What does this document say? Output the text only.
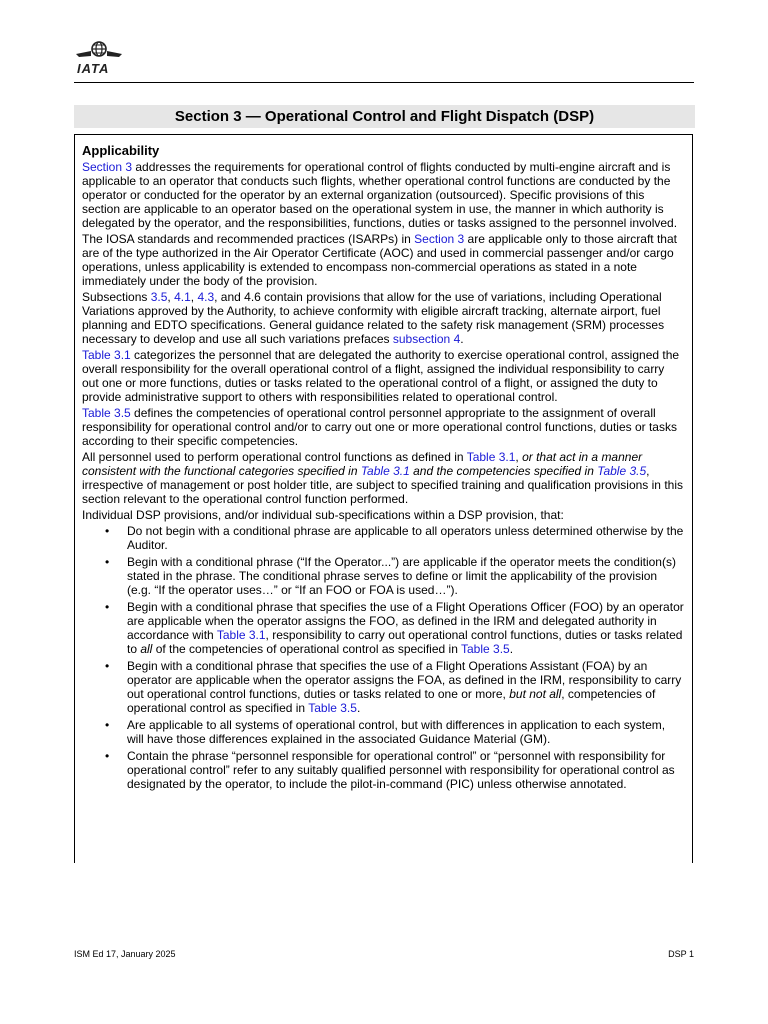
IATA
Section 3 — Operational Control and Flight Dispatch (DSP)
Applicability

Section 3 addresses the requirements for operational control of flights conducted by multi-engine aircraft and is applicable to an operator that conducts such flights, whether operational control functions are conducted by the operator or conducted for the operator by an external organization (outsourced). Specific provisions of this section are applicable to an operator based on the operational system in use, the manner in which authority is delegated by the operator, and the responsibilities, functions, duties or tasks assigned to the personnel involved.

The IOSA standards and recommended practices (ISARPs) in Section 3 are applicable only to those aircraft that are of the type authorized in the Air Operator Certificate (AOC) and used in commercial passenger and/or cargo operations, unless applicability is extended to encompass non-commercial operations as stated in a note immediately under the body of the provision.

Subsections 3.5, 4.1, 4.3, and 4.6 contain provisions that allow for the use of variations, including Operational Variations approved by the Authority, to achieve conformity with eligible aircraft tracking, alternate airport, fuel planning and EDTO specifications. General guidance related to the safety risk management (SRM) processes necessary to develop and use all such variations prefaces subsection 4.

Table 3.1 categorizes the personnel that are delegated the authority to exercise operational control, assigned the overall responsibility for the overall operational control of a flight, assigned the individual responsibility to carry out one or more functions, duties or tasks related to the operational control of a flight, or assigned the duty to provide administrative support to others with responsibilities related to operational control.

Table 3.5 defines the competencies of operational control personnel appropriate to the assignment of overall responsibility for operational control and/or to carry out one or more operational control functions, duties or tasks according to their specific competencies.

All personnel used to perform operational control functions as defined in Table 3.1, or that act in a manner consistent with the functional categories specified in Table 3.1 and the competencies specified in Table 3.5, irrespective of management or post holder title, are subject to specified training and qualification provisions in this section relevant to the operational control function performed.

Individual DSP provisions, and/or individual sub-specifications within a DSP provision, that:

• Do not begin with a conditional phrase are applicable to all operators unless determined otherwise by the Auditor.
• Begin with a conditional phrase (“If the Operator...”) are applicable if the operator meets the condition(s) stated in the phrase. The conditional phrase serves to define or limit the applicability of the provision (e.g. “If the operator uses…” or “If an FOO or FOA is used…”).
• Begin with a conditional phrase that specifies the use of a Flight Operations Officer (FOO) by an operator are applicable when the operator assigns the FOO, as defined in the IRM and delegated authority in accordance with Table 3.1, responsibility to carry out operational control functions, duties or tasks related to all of the competencies of operational control as specified in Table 3.5.
• Begin with a conditional phrase that specifies the use of a Flight Operations Assistant (FOA) by an operator are applicable when the operator assigns the FOA, as defined in the IRM, responsibility to carry out operational control functions, duties or tasks related to one or more, but not all, competencies of operational control as specified in Table 3.5.
• Are applicable to all systems of operational control, but with differences in application to each system, will have those differences explained in the associated Guidance Material (GM).
• Contain the phrase “personnel responsible for operational control” or “personnel with responsibility for operational control” refer to any suitably qualified personnel with responsibility for operational control as designated by the operator, to include the pilot-in-command (PIC) unless otherwise annotated.
ISM Ed 17, January 2025	DSP 1
